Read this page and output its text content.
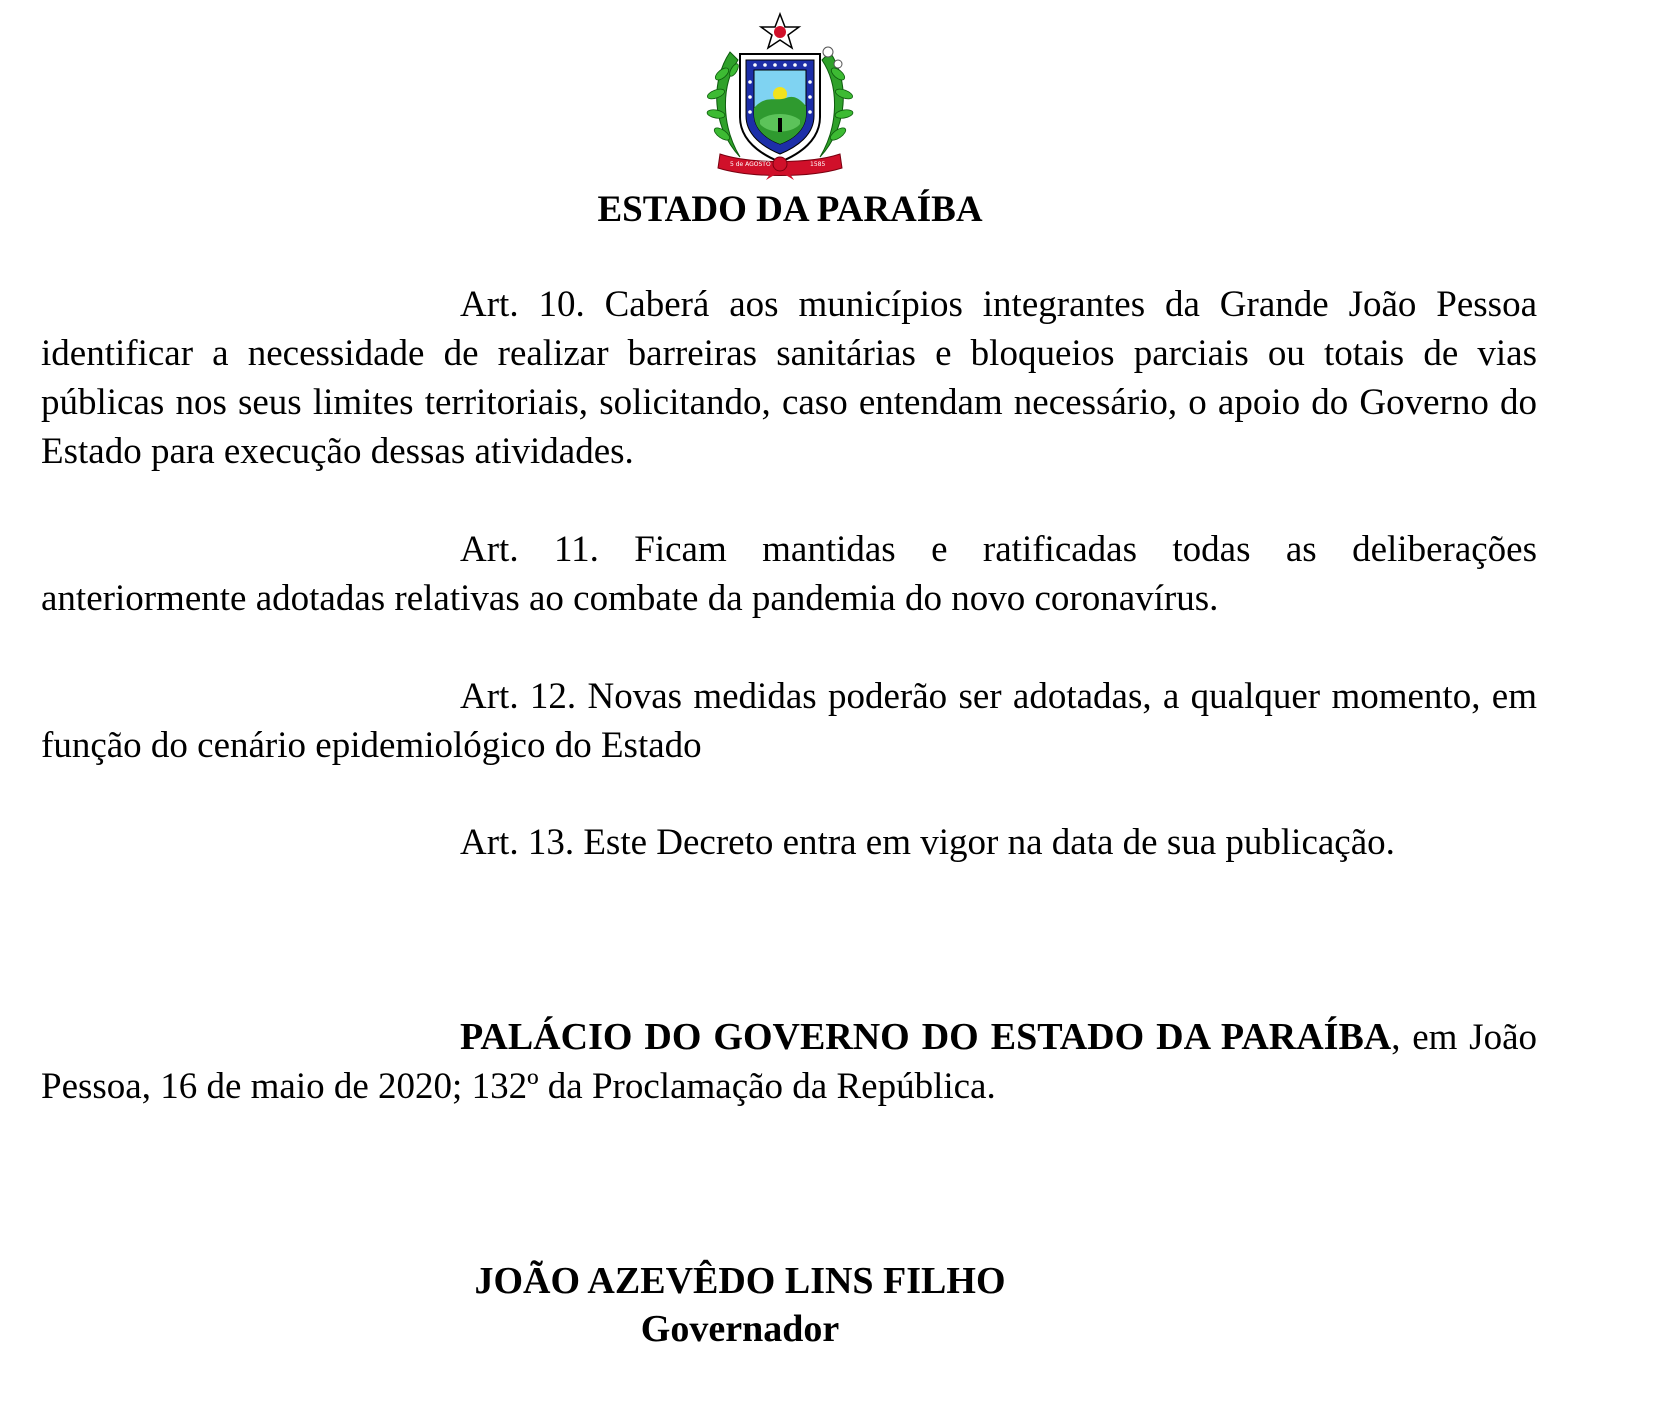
5 de AGOSTO	1585
ESTADO DA PARAÍBA

Art. 10. Caberá aos municípios integrantes da Grande João Pessoa identificar a necessidade de realizar barreiras sanitárias e bloqueios parciais ou totais de vias públicas nos seus limites territoriais, solicitando, caso entendam necessário, o apoio do Governo do Estado para execução dessas atividades.

Art. 11. Ficam mantidas e ratificadas todas as deliberações anteriormente adotadas relativas ao combate da pandemia do novo coronavírus.

Art. 12. Novas medidas poderão ser adotadas, a qualquer momento, em função do cenário epidemiológico do Estado

Art. 13. Este Decreto entra em vigor na data de sua publicação.

PALÁCIO DO GOVERNO DO ESTADO DA PARAÍBA, em João Pessoa, 16 de maio de 2020; 132º da Proclamação da República.

JOÃO AZEVÊDO LINS FILHO

Governador
